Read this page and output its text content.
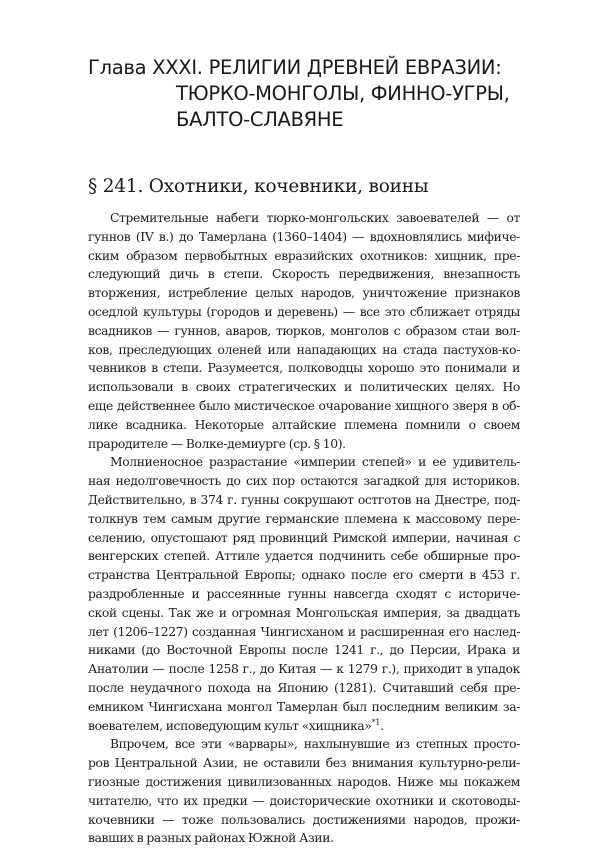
Глава XXXI. РЕЛИГИИ ДРЕВНЕЙ ЕВРАЗИИ:
ТЮРКО-МОНГОЛЫ, ФИННО-УГРЫ,
БАЛТО-СЛАВЯНЕ
§ 241. Охотники, кочевники, воины
Стремительные набеги тюрко-монгольских завоевателей — от
гуннов (IV в.) до Тамерлана (1360–1404) — вдохновлялись мифиче-
ским образом первобытных евразийских охотников: хищник, пре-
следующий дичь в степи. Скорость передвижения, внезапность
вторжения, истребление целых народов, уничтожение признаков
оседлой культуры (городов и деревень) — все это сближает отряды
всадников — гуннов, аваров, тюрков, монголов с образом стаи вол-
ков, преследующих оленей или нападающих на стада пастухов-ко-
чевников в степи. Разумеется, полководцы хорошо это понимали и
использовали в своих стратегических и политических целях. Но
еще действеннее было мистическое очарование хищного зверя в об-
лике всадника. Некоторые алтайские племена помнили о своем
прародителе — Волке-демиурге (ср. § 10).
Молниеносное разрастание «империи степей» и ее удивитель-
ная недолговечность до сих пор остаются загадкой для историков.
Действительно, в 374 г. гунны сокрушают остготов на Днестре, под-
толкнув тем самым другие германские племена к массовому пере-
селению, опустошают ряд провинций Римской империи, начиная с
венгерских степей. Аттиле удается подчинить себе обширные про-
странства Центральной Европы; однако после его смерти в 453 г.
раздробленные и рассеянные гунны навсегда сходят с историче-
ской сцены. Так же и огромная Монгольская империя, за двадцать
лет (1206–1227) созданная Чингисханом и расширенная его наслед-
никами (до Восточной Европы после 1241 г., до Персии, Ирака и
Анатолии — после 1258 г., до Китая — к 1279 г.), приходит в упадок
после неудачного похода на Японию (1281). Считавший себя пре-
емником Чингисхана монгол Тамерлан был последним великим за-
воевателем, исповедующим культ «хищника»$^{*1}$.
Впрочем, все эти «варвары», нахлынувшие из степных просто-
ров Центральной Азии, не оставили без внимания культурно-рели-
гиозные достижения цивилизованных народов. Ниже мы покажем
читателю, что их предки — доисторические охотники и скотоводы-
кочевники — тоже пользовались достижениями народов, прожи-
вавших в разных районах Южной Азии.
